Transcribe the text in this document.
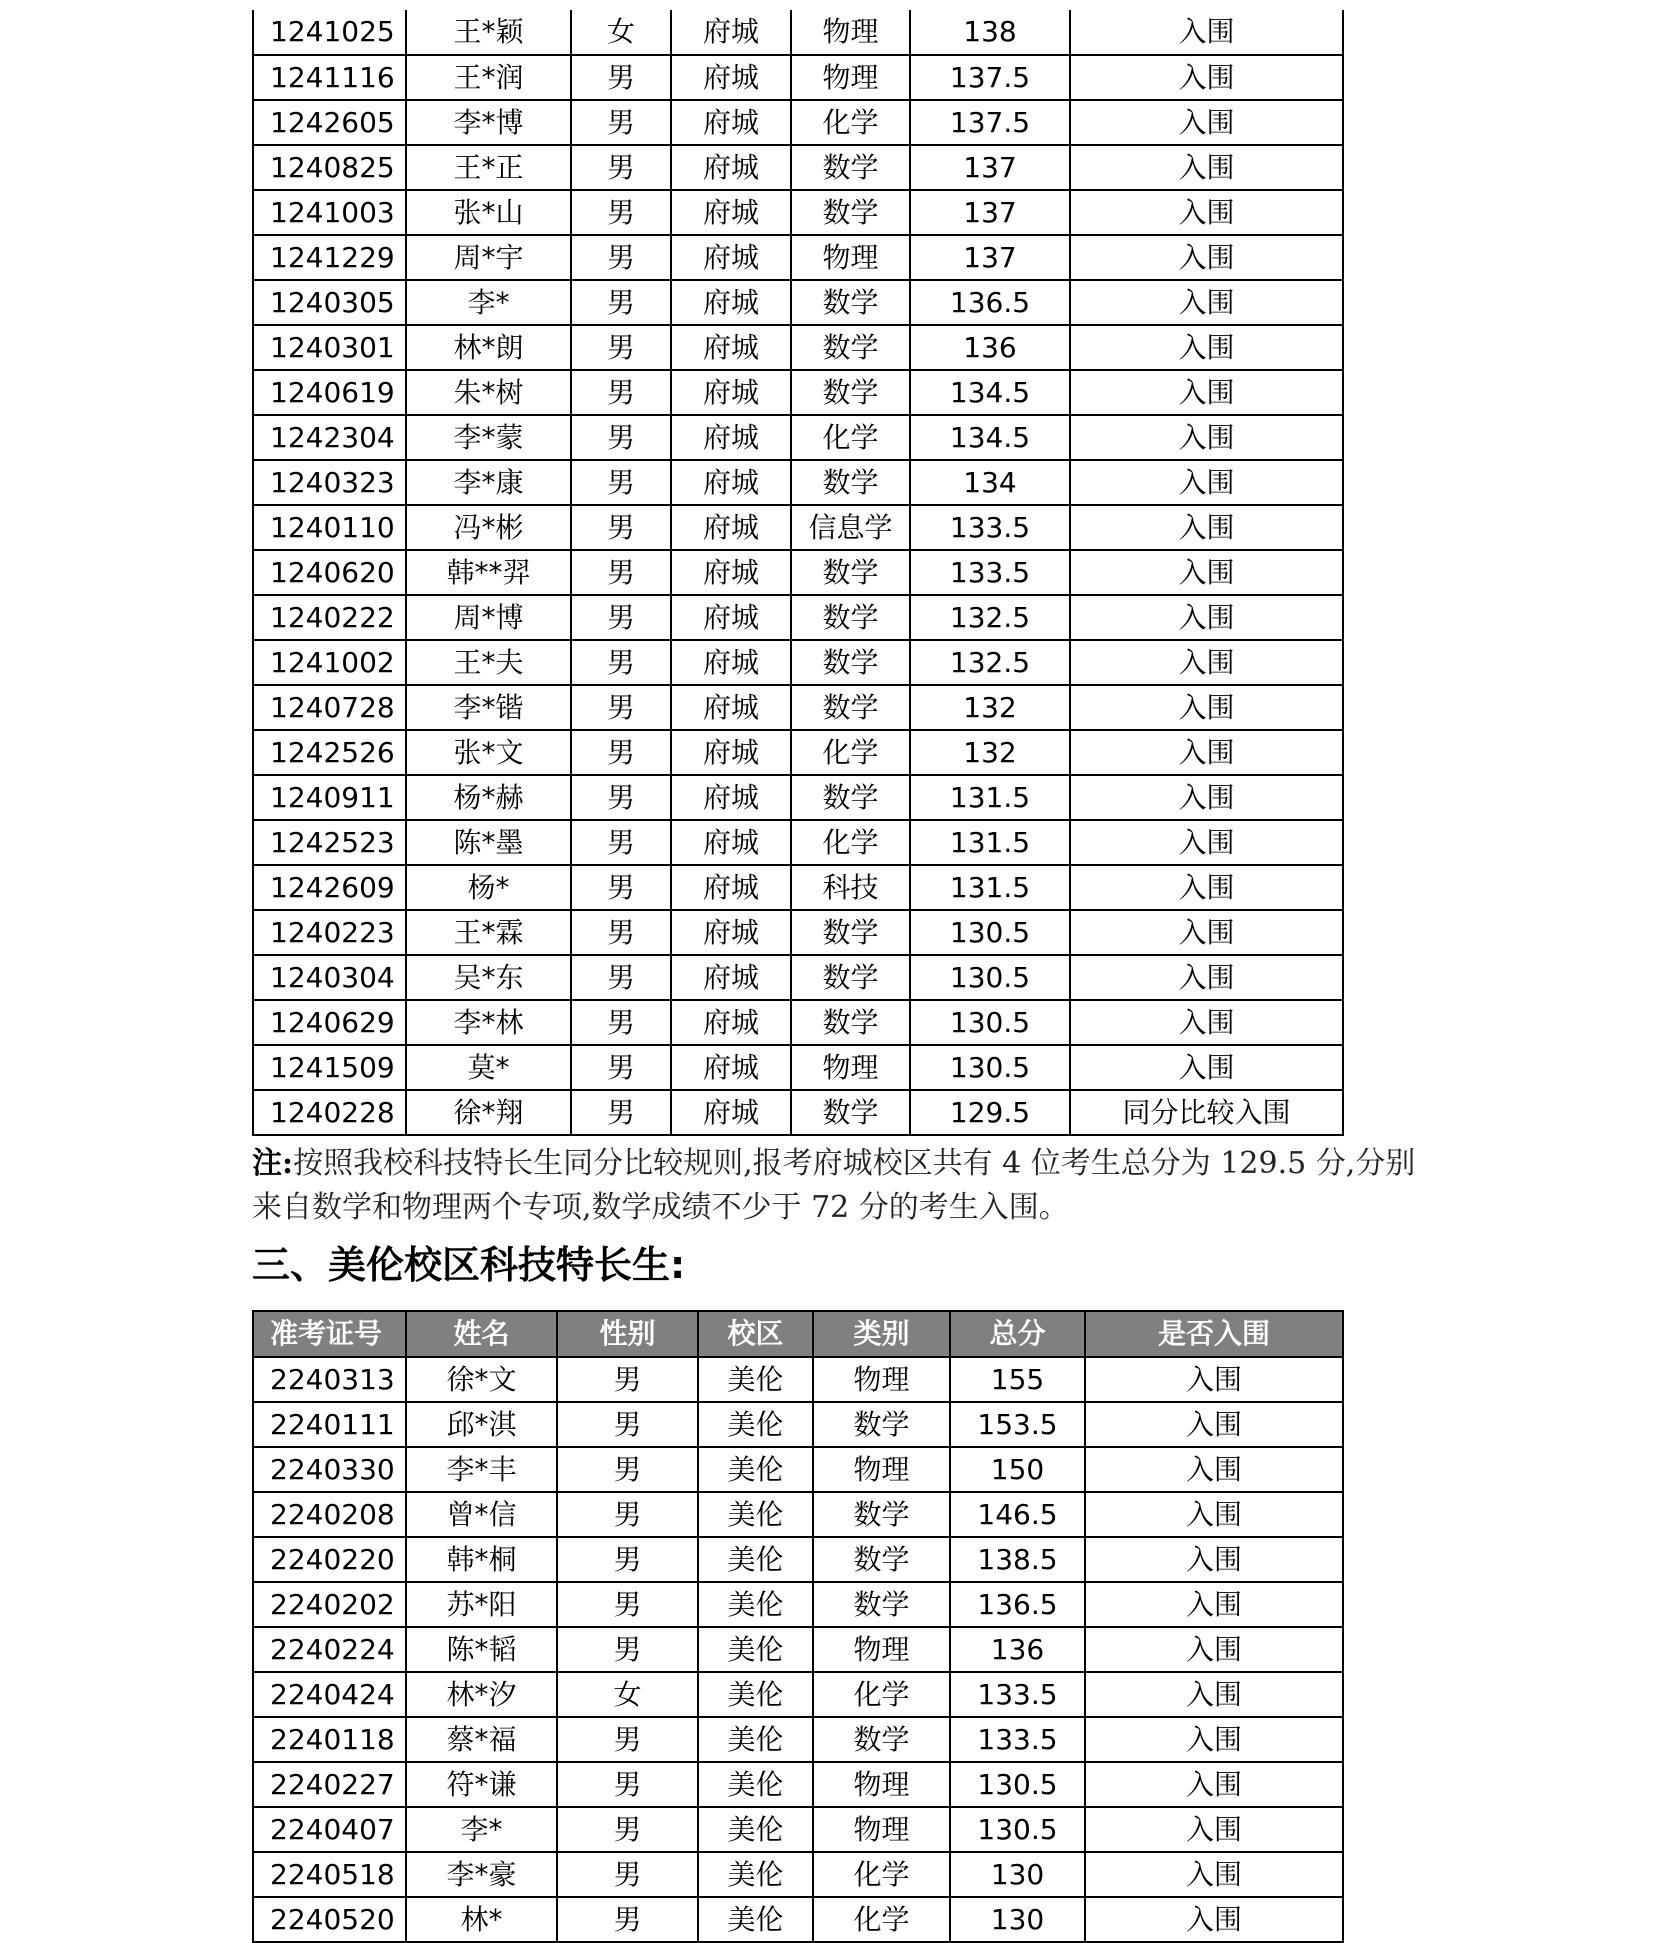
1241025	王*颖	女	府城	物理	138	入围
1241116	王*润	男	府城	物理	137.5	入围
1242605	李*博	男	府城	化学	137.5	入围
1240825	王*正	男	府城	数学	137	入围
1241003	张*山	男	府城	数学	137	入围
1241229	周*宇	男	府城	物理	137	入围
1240305	李*	男	府城	数学	136.5	入围
1240301	林*朗	男	府城	数学	136	入围
1240619	朱*树	男	府城	数学	134.5	入围
1242304	李*蒙	男	府城	化学	134.5	入围
1240323	李*康	男	府城	数学	134	入围
1240110	冯*彬	男	府城	信息学	133.5	入围
1240620	韩**羿	男	府城	数学	133.5	入围
1240222	周*博	男	府城	数学	132.5	入围
1241002	王*夫	男	府城	数学	132.5	入围
1240728	李*锴	男	府城	数学	132	入围
1242526	张*文	男	府城	化学	132	入围
1240911	杨*赫	男	府城	数学	131.5	入围
1242523	陈*墨	男	府城	化学	131.5	入围
1242609	杨*	男	府城	科技	131.5	入围
1240223	王*霖	男	府城	数学	130.5	入围
1240304	吴*东	男	府城	数学	130.5	入围
1240629	李*林	男	府城	数学	130.5	入围
1241509	莫*	男	府城	物理	130.5	入围
1240228	徐*翔	男	府城	数学	129.5	同分比较入围

注:按照我校科技特长生同分比较规则,报考府城校区共有 4 位考生总分为 129.5 分,分别来自数学和物理两个专项,数学成绩不少于 72 分的考生入围。

三、美伦校区科技特长生:
准考证号	姓名	性别	校区	类别	总分	是否入围
2240313	徐*文	男	美伦	物理	155	入围
2240111	邱*淇	男	美伦	数学	153.5	入围
2240330	李*丰	男	美伦	物理	150	入围
2240208	曾*信	男	美伦	数学	146.5	入围
2240220	韩*桐	男	美伦	数学	138.5	入围
2240202	苏*阳	男	美伦	数学	136.5	入围
2240224	陈*韬	男	美伦	物理	136	入围
2240424	林*汐	女	美伦	化学	133.5	入围
2240118	蔡*福	男	美伦	数学	133.5	入围
2240227	符*谦	男	美伦	物理	130.5	入围
2240407	李*	男	美伦	物理	130.5	入围
2240518	李*豪	男	美伦	化学	130	入围
2240520	林*	男	美伦	化学	130	入围
